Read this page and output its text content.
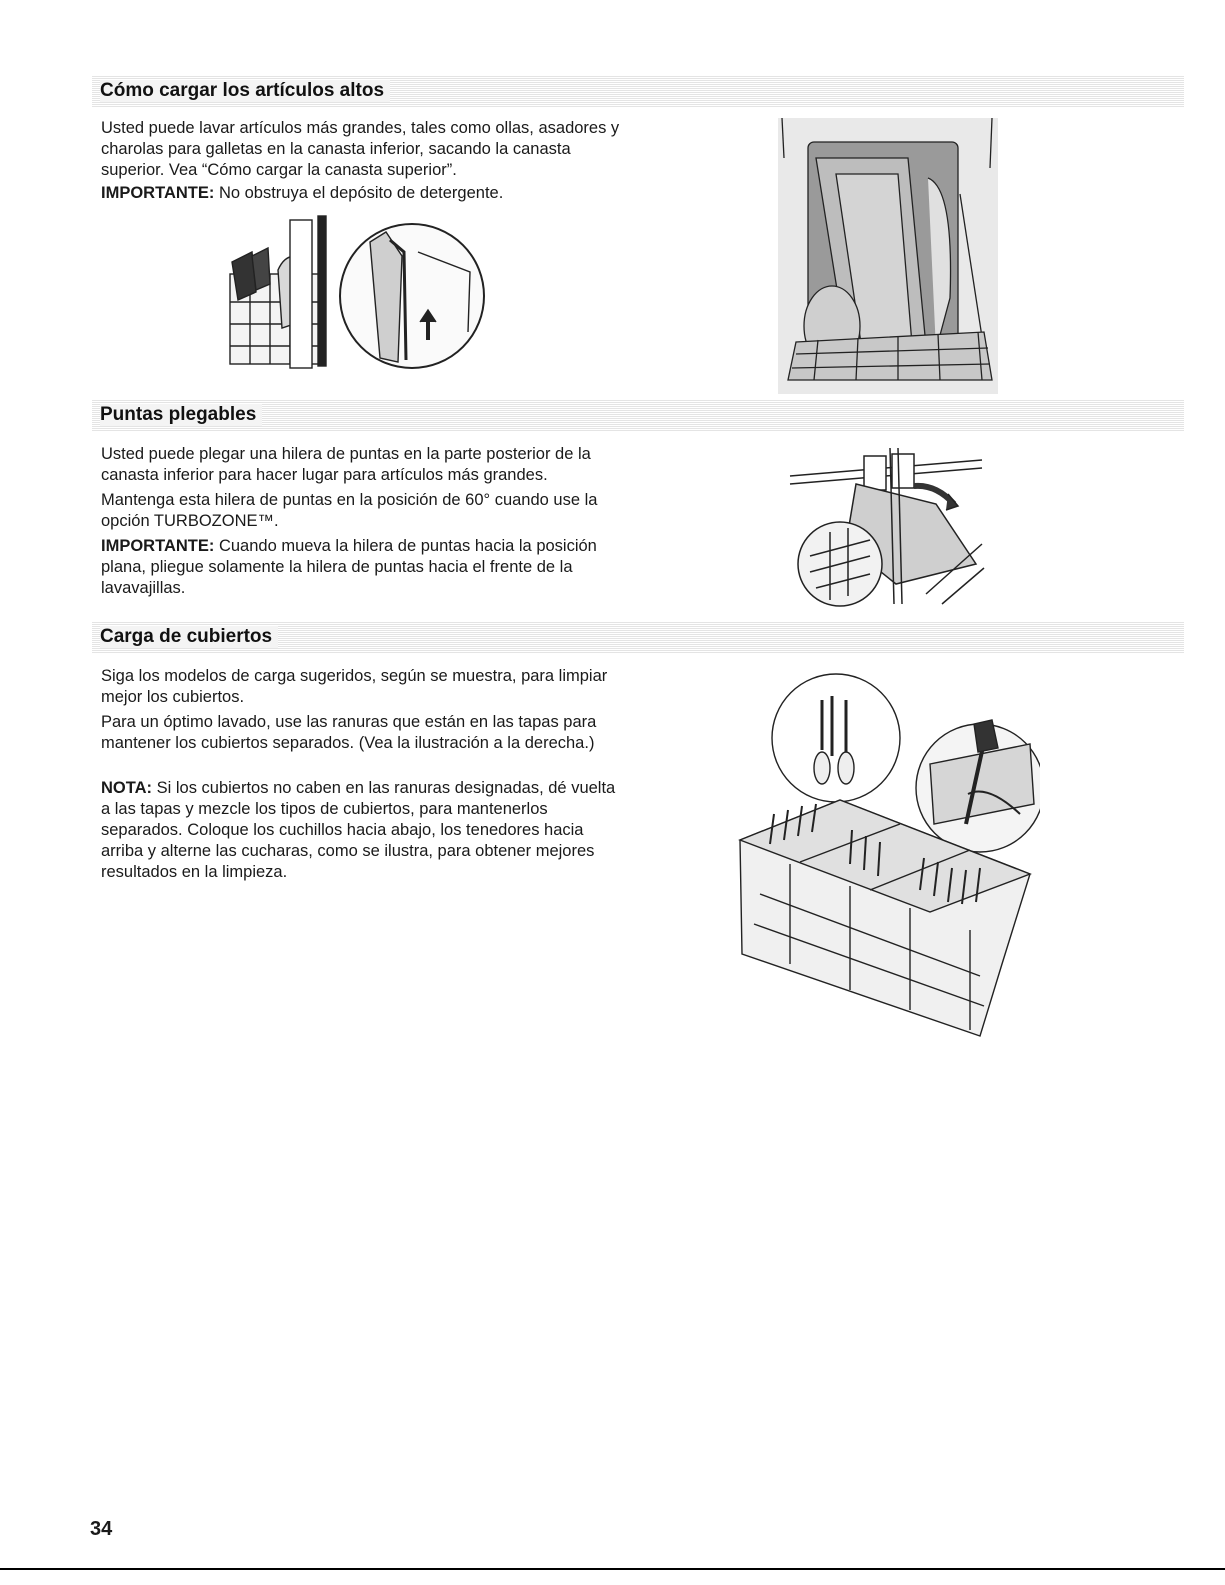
Cómo cargar los artículos altos

Usted puede lavar artículos más grandes, tales como ollas, asadores y charolas para galletas en la canasta inferior, sacando la canasta superior. Vea “Cómo cargar la canasta superior”.

IMPORTANTE: No obstruya el depósito de detergente.

Puntas plegables

Usted puede plegar una hilera de puntas en la parte posterior de la canasta inferior para hacer lugar para artículos más grandes.

Mantenga esta hilera de puntas en la posición de 60° cuando use la opción TURBOZONE™.

IMPORTANTE: Cuando mueva la hilera de puntas hacia la posición plana, pliegue solamente la hilera de puntas hacia el frente de la lavavajillas.

Carga de cubiertos

Siga los modelos de carga sugeridos, según se muestra, para limpiar mejor los cubiertos.

Para un óptimo lavado, use las ranuras que están en las tapas para mantener los cubiertos separados. (Vea la ilustración a la derecha.)

NOTA: Si los cubiertos no caben en las ranuras designadas, dé vuelta a las tapas y mezcle los tipos de cubiertos, para mantenerlos separados. Coloque los cuchillos hacia abajo, los tenedores hacia arriba y alterne las cucharas, como se ilustra, para obtener mejores resultados en la limpieza.

34
